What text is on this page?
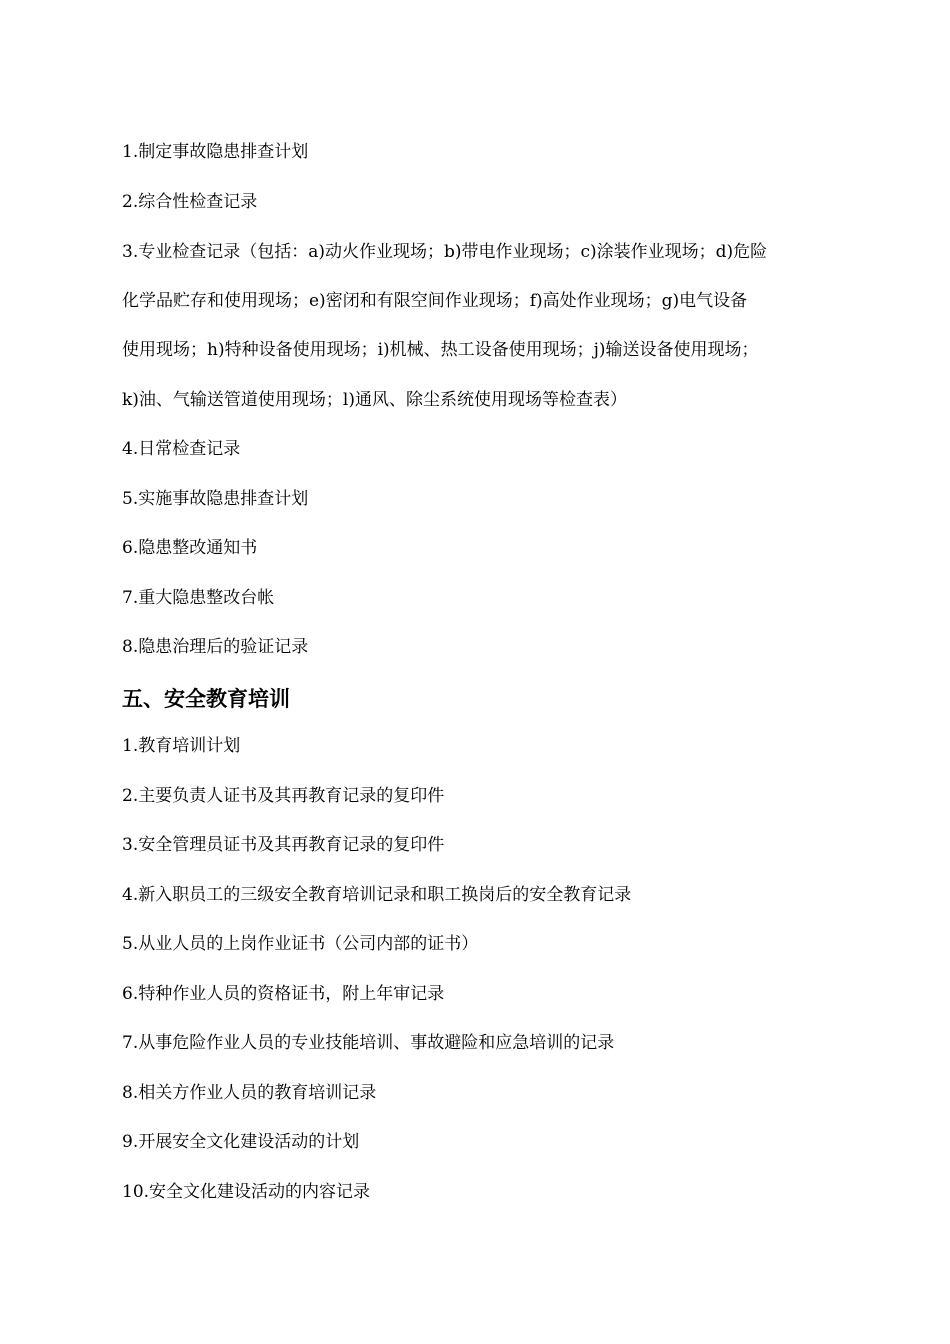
1.制定事故隐患排查计划
2.综合性检查记录
3.专业检查记录（包括：a)动火作业现场；b)带电作业现场；c)涂装作业现场；d)危险
化学品贮存和使用现场；e)密闭和有限空间作业现场；f)高处作业现场；g)电气设备
使用现场；h)特种设备使用现场；i)机械、热工设备使用现场；j)输送设备使用现场；
k)油、气输送管道使用现场；l)通风、除尘系统使用现场等检查表）
4.日常检查记录
5.实施事故隐患排查计划
6.隐患整改通知书
7.重大隐患整改台帐
8.隐患治理后的验证记录
五、安全教育培训
1.教育培训计划
2.主要负责人证书及其再教育记录的复印件
3.安全管理员证书及其再教育记录的复印件
4.新入职员工的三级安全教育培训记录和职工换岗后的安全教育记录
5.从业人员的上岗作业证书（公司内部的证书）
6.特种作业人员的资格证书，附上年审记录
7.从事危险作业人员的专业技能培训、事故避险和应急培训的记录
8.相关方作业人员的教育培训记录
9.开展安全文化建设活动的计划
10.安全文化建设活动的内容记录
